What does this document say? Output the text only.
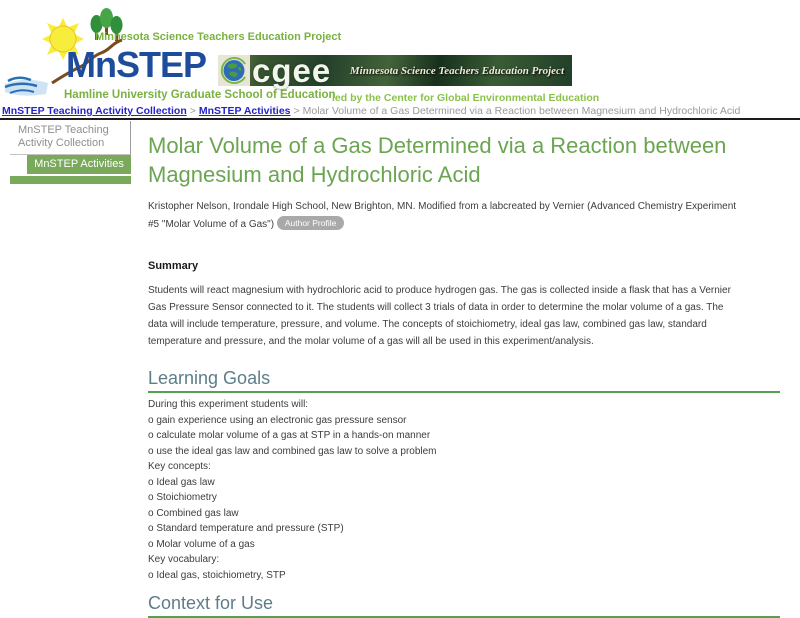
Minnesota Science Teachers Education Project
MnSTEP
Hamline University Graduate School of Education
cgee Minnesota Science Teachers Education Project
led by the Center for Global Environmental Education
MnSTEP Teaching Activity Collection > MnSTEP Activities > Molar Volume of a Gas Determined via a Reaction between Magnesium and Hydrochloric Acid
MnSTEP Teaching Activity Collection
MnSTEP Activities
Molar Volume of a Gas Determined via a Reaction between Magnesium and Hydrochloric Acid
Kristopher Nelson, Irondale High School, New Brighton, MN. Modified from a labcreated by Vernier (Advanced Chemistry Experiment #5 "Molar Volume of a Gas") Author Profile
Summary
Students will react magnesium with hydrochloric acid to produce hydrogen gas. The gas is collected inside a flask that has a Vernier Gas Pressure Sensor connected to it. The students will collect 3 trials of data in order to determine the molar volume of a gas. The data will include temperature, pressure, and volume. The concepts of stoichiometry, ideal gas law, combined gas law, standard temperature and pressure, and the molar volume of a gas will all be used in this experiment/analysis.
Learning Goals
During this experiment students will:
o gain experience using an electronic gas pressure sensor
o calculate molar volume of a gas at STP in a hands-on manner
o use the ideal gas law and combined gas law to solve a problem
Key concepts:
o Ideal gas law
o Stoichiometry
o Combined gas law
o Standard temperature and pressure (STP)
o Molar volume of a gas
Key vocabulary:
o Ideal gas, stoichiometry, STP
Context for Use
